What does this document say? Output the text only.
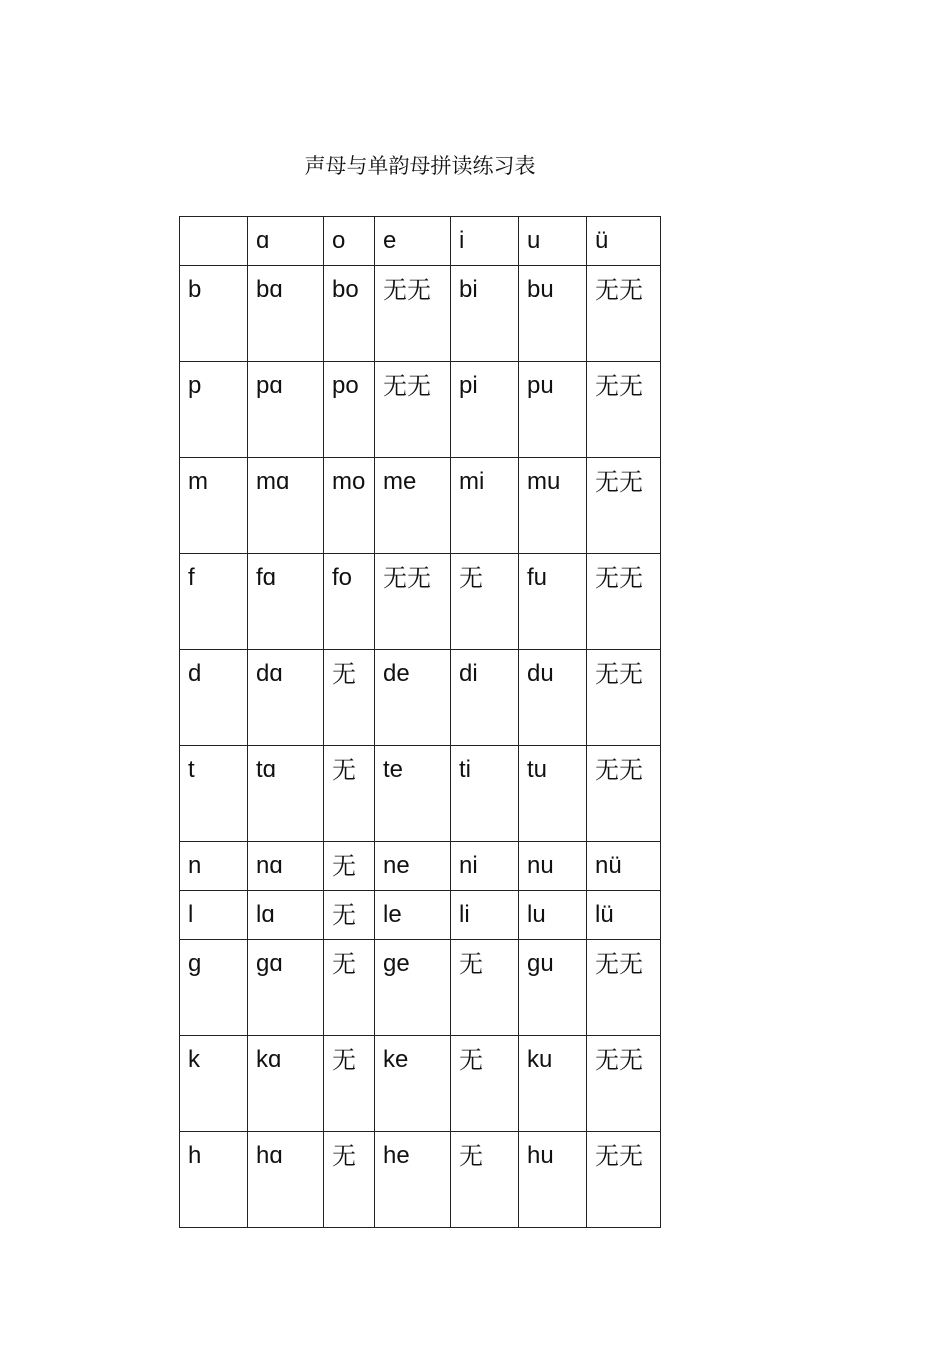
声母与单韵母拼读练习表
	ɑ	o	e	i	u	ü
b	bɑ	bo	无无	bi	bu	无无
p	pɑ	po	无无	pi	pu	无无
m	mɑ	mo	me	mi	mu	无无
f	fɑ	fo	无无	无	fu	无无
d	dɑ	无	de	di	du	无无
t	tɑ	无	te	ti	tu	无无
n	nɑ	无	ne	ni	nu	nü
l	lɑ	无	le	li	lu	lü
ɡ	ɡɑ	无	ɡe	无	ɡu	无无
k	kɑ	无	ke	无	ku	无无
h	hɑ	无	he	无	hu	无无
